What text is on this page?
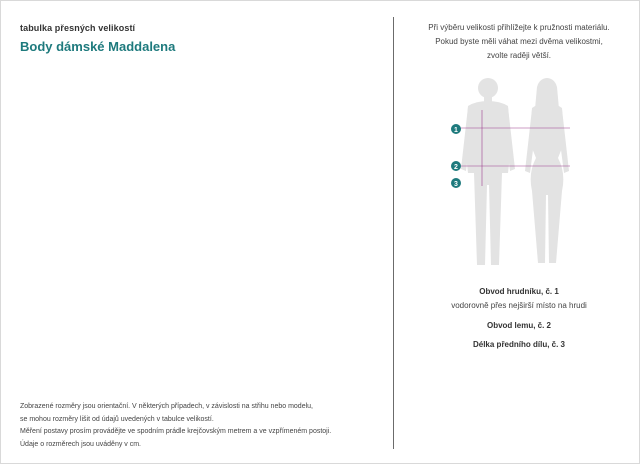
tabulka přesných velikostí
Body dámské Maddalena
Zobrazené rozměry jsou orientační. V některých případech, v závislosti na střihu nebo modelu,
se mohou rozměry lišit od údajů uvedených v tabulce velikostí.
Měření postavy prosím provádějte ve spodním prádle krejčovským metrem a ve vzpřímeném postoji.
Údaje o rozměrech jsou uváděny v cm.
Při výběru velikosti přihlížejte k pružnosti materiálu.
Pokud byste měli váhat mezi dvěma velikostmi,
zvolte raději větší.
1
2
3
Obvod hrudníku, č. 1
vodorovně přes nejširší místo na hrudi
Obvod lemu, č. 2
Délka předního dílu, č. 3
